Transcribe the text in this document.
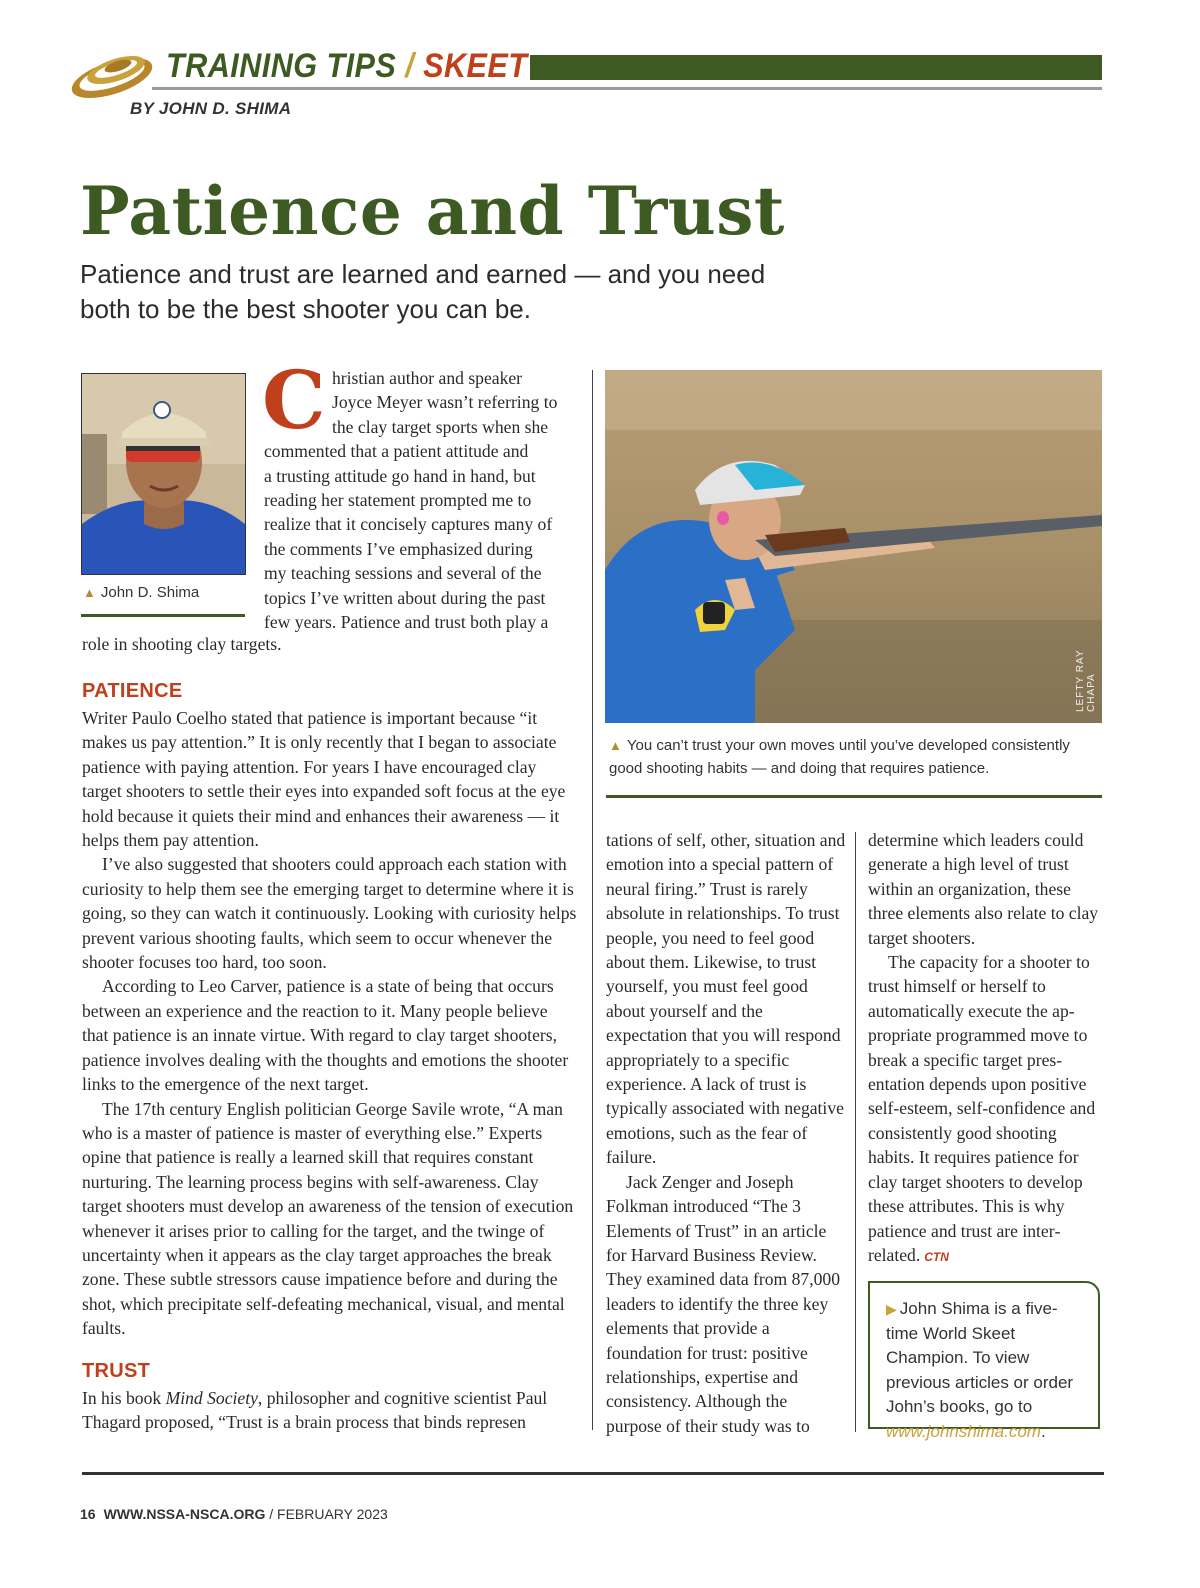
TRAINING TIPS / SKEET
BY JOHN D. SHIMA
Patience and Trust
Patience and trust are learned and earned — and you need both to be the best shooter you can be.
▲ John D. Shima
C hristian author and speaker
Joyce Meyer wasn’t referring to
the clay target sports when she
commented that a patient attitude and
a trusting attitude go hand in hand, but
reading her statement prompted me to
realize that it concisely captures many of
the comments I’ve emphasized during
my teaching sessions and several of the
topics I’ve written about during the past
few years. Patience and trust both play a
role in shooting clay targets.
PATIENCE

Writer Paulo Coelho stated that patience is important because “it makes us pay attention.” It is only recently that I began to associate patience with paying attention. For years I have encouraged clay target shooters to settle their eyes into expanded soft focus at the eye hold because it quiets their mind and enhances their awareness — it helps them pay attention.

I’ve also suggested that shooters could approach each station with curiosity to help them see the emerging target to determine where it is going, so they can watch it continuously. Looking with curiosity helps prevent various shooting faults, which seem to occur whenever the shooter focuses too hard, too soon.

According to Leo Carver, patience is a state of being that occurs between an experience and the reaction to it. Many people believe that patience is an innate virtue. With regard to clay target shooters, patience involves dealing with the thoughts and emotions the shooter links to the emergence of the next target.

The 17th century English politician George Savile wrote, “A man who is a master of patience is master of everything else.” Experts opine that patience is really a learned skill that requires constant nurturing. The learning process begins with self-awareness. Clay target shooters must develop an awareness of the tension of execution whenever it arises prior to calling for the target, and the twinge of uncertainty when it appears as the clay target approaches the break zone. These subtle stressors cause impatience before and during the shot, which precipitate self-defeating mechanical, visual, and mental faults.

TRUST

In his book Mind Society, philosopher and cognitive scientist Paul Thagard proposed, “Trust is a brain process that binds represen

LEFTY RAY CHAPA
▲ You can’t trust your own moves until you’ve developed consistently good shooting habits — and doing that requires patience.

tations of self, other, situation and emotion into a special pattern of neural firing.” Trust is rarely absolute in relationships. To trust people, you need to feel good about them. Likewise, to trust yourself, you must feel good about yourself and the expectation that you will respond appropriately to a specific experience. A lack of trust is typically associated with negative emotions, such as the fear of failure.

Jack Zenger and Joseph Folkman introduced “The 3 Elements of Trust” in an article for Harvard Business Review. They examined data from 87,000 leaders to identify the three key elements that provide a foundation for trust: positive relationships, expertise and consistency. Although the purpose of their study was to

determine which leaders could generate a high level of trust within an organization, these three elements also relate to clay target shooters.

The capacity for a shooter to trust himself or herself to automatically execute the appropriate programmed move to break a specific target presentation depends upon positive self-esteem, self-confidence and consistently good shooting habits. It requires patience for clay target shooters to develop these attributes. This is why patience and trust are interrelated. CTN

▶ John Shima is a five-time World Skeet Champion. To view previous articles or order John’s books, go to www.johnshima.com.
16 WWW.NSSA-NSCA.ORG / FEBRUARY 2023
